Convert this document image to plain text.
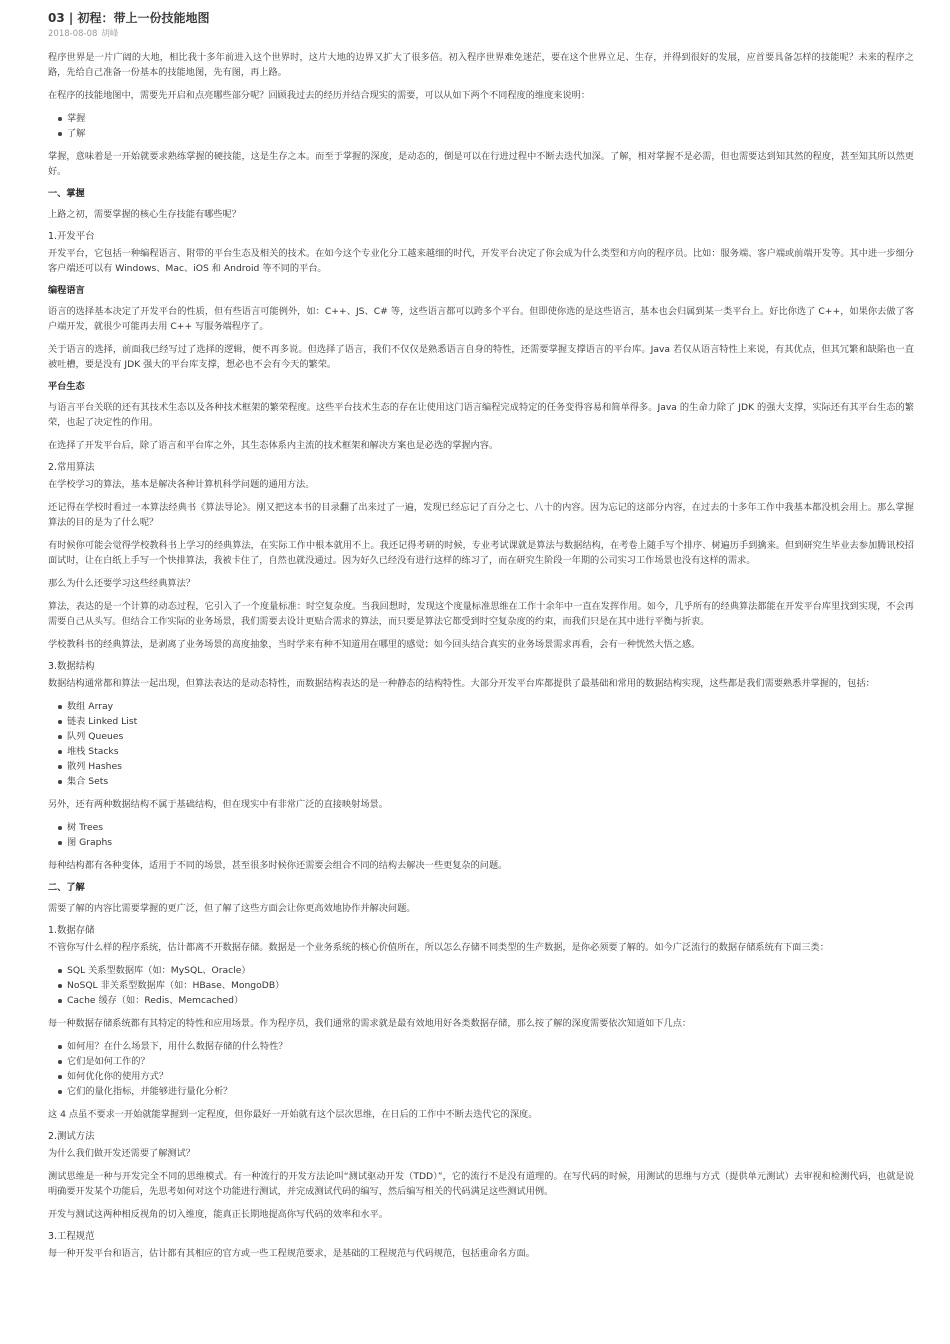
03 | 初程：带上一份技能地图
2018-08-08 胡峰

程序世界是一片广阔的大地，相比我十多年前进入这个世界时，这片大地的边界又扩大了很多倍。初入程序世界难免迷茫，要在这个世界立足、生存，并得到很好的发展，应首要具备怎样的技能呢？未来的程序之路，先给自己准备一份基本的技能地图，先有图，再上路。

在程序的技能地图中，需要先开启和点亮哪些部分呢？回顾我过去的经历并结合现实的需要，可以从如下两个不同程度的维度来说明：

掌握
了解

掌握，意味着是一开始就要求熟练掌握的硬技能，这是生存之本。而至于掌握的深度，是动态的，倒是可以在行进过程中不断去迭代加深。了解，相对掌握不是必需，但也需要达到知其然的程度，甚至知其所以然更好。

一、掌握

上路之初，需要掌握的核心生存技能有哪些呢？

1.开发平台

开发平台，它包括一种编程语言、附带的平台生态及相关的技术。在如今这个专业化分工越来越细的时代，开发平台决定了你会成为什么类型和方向的程序员。比如：服务端、客户端或前端开发等。其中进一步细分客户端还可以有 Windows、Mac、iOS 和 Android 等不同的平台。

编程语言

语言的选择基本决定了开发平台的性质，但有些语言可能例外，如：C++、JS、C# 等，这些语言都可以跨多个平台。但即使你选的是这些语言，基本也会归属到某一类平台上。好比你选了 C++，如果你去做了客户端开发，就很少可能再去用 C++ 写服务端程序了。

关于语言的选择，前面我已经写过了选择的逻辑，便不再多说。但选择了语言，我们不仅仅是熟悉语言自身的特性，还需要掌握支撑语言的平台库。Java 若仅从语言特性上来说，有其优点，但其冗繁和缺陷也一直被吐槽，要是没有 JDK 强大的平台库支撑，想必也不会有今天的繁荣。

平台生态

与语言平台关联的还有其技术生态以及各种技术框架的繁荣程度。这些平台技术生态的存在让使用这门语言编程完成特定的任务变得容易和简单得多。Java 的生命力除了 JDK 的强大支撑，实际还有其平台生态的繁荣，也起了决定性的作用。

在选择了开发平台后，除了语言和平台库之外，其生态体系内主流的技术框架和解决方案也是必选的掌握内容。

2.常用算法

在学校学习的算法，基本是解决各种计算机科学问题的通用方法。

还记得在学校时看过一本算法经典书《算法导论》。刚又把这本书的目录翻了出来过了一遍，发现已经忘记了百分之七、八十的内容。因为忘记的这部分内容，在过去的十多年工作中我基本都没机会用上。那么掌握算法的目的是为了什么呢？

有时候你可能会觉得学校教科书上学习的经典算法，在实际工作中根本就用不上。我还记得考研的时候，专业考试课就是算法与数据结构，在考卷上随手写个排序、树遍历手到擒来。但到研究生毕业去参加腾讯校招面试时，让在白纸上手写一个快排算法，我被卡住了，自然也就没通过。因为好久已经没有进行这样的练习了，而在研究生阶段一年期的公司实习工作场景也没有这样的需求。

那么为什么还要学习这些经典算法？

算法，表达的是一个计算的动态过程，它引入了一个度量标准：时空复杂度。当我回想时，发现这个度量标准思维在工作十余年中一直在发挥作用。如今，几乎所有的经典算法都能在开发平台库里找到实现，不会再需要自己从头写。但结合工作实际的业务场景，我们需要去设计更贴合需求的算法，而只要是算法它都受到时空复杂度的约束，而我们只是在其中进行平衡与折衷。

学校教科书的经典算法，是剥离了业务场景的高度抽象，当时学来有种不知道用在哪里的感觉；如今回头结合真实的业务场景需求再看，会有一种恍然大悟之感。

3.数据结构

数据结构通常都和算法一起出现，但算法表达的是动态特性，而数据结构表达的是一种静态的结构特性。大部分开发平台库都提供了最基础和常用的数据结构实现，这些都是我们需要熟悉并掌握的，包括：

数组 Array
链表 Linked List
队列 Queues
堆栈 Stacks
散列 Hashes
集合 Sets

另外，还有两种数据结构不属于基础结构，但在现实中有非常广泛的直接映射场景。

树 Trees
图 Graphs

每种结构都有各种变体，适用于不同的场景，甚至很多时候你还需要会组合不同的结构去解决一些更复杂的问题。

二、了解

需要了解的内容比需要掌握的更广泛，但了解了这些方面会让你更高效地协作并解决问题。

1.数据存储

不管你写什么样的程序系统，估计都离不开数据存储。数据是一个业务系统的核心价值所在，所以怎么存储不同类型的生产数据，是你必须要了解的。如今广泛流行的数据存储系统有下面三类：

SQL 关系型数据库（如：MySQL、Oracle）
NoSQL 非关系型数据库（如：HBase、MongoDB）
Cache 缓存（如：Redis、Memcached）

每一种数据存储系统都有其特定的特性和应用场景。作为程序员，我们通常的需求就是最有效地用好各类数据存储，那么按了解的深度需要依次知道如下几点：

如何用？在什么场景下，用什么数据存储的什么特性？
它们是如何工作的？
如何优化你的使用方式？
它们的量化指标，并能够进行量化分析？

这 4 点虽不要求一开始就能掌握到一定程度，但你最好一开始就有这个层次思维，在日后的工作中不断去迭代它的深度。

2.测试方法

为什么我们做开发还需要了解测试？

测试思维是一种与开发完全不同的思维模式。有一种流行的开发方法论叫“测试驱动开发（TDD）”，它的流行不是没有道理的。在写代码的时候，用测试的思维与方式（提供单元测试）去审视和检测代码，也就是说明确要开发某个功能后，先思考如何对这个功能进行测试，并完成测试代码的编写，然后编写相关的代码满足这些测试用例。

开发与测试这两种相反视角的切入维度，能真正长期地提高你写代码的效率和水平。

3.工程规范

每一种开发平台和语言，估计都有其相应的官方或一些工程规范要求，是基础的工程规范与代码规范，包括重命名方面。
